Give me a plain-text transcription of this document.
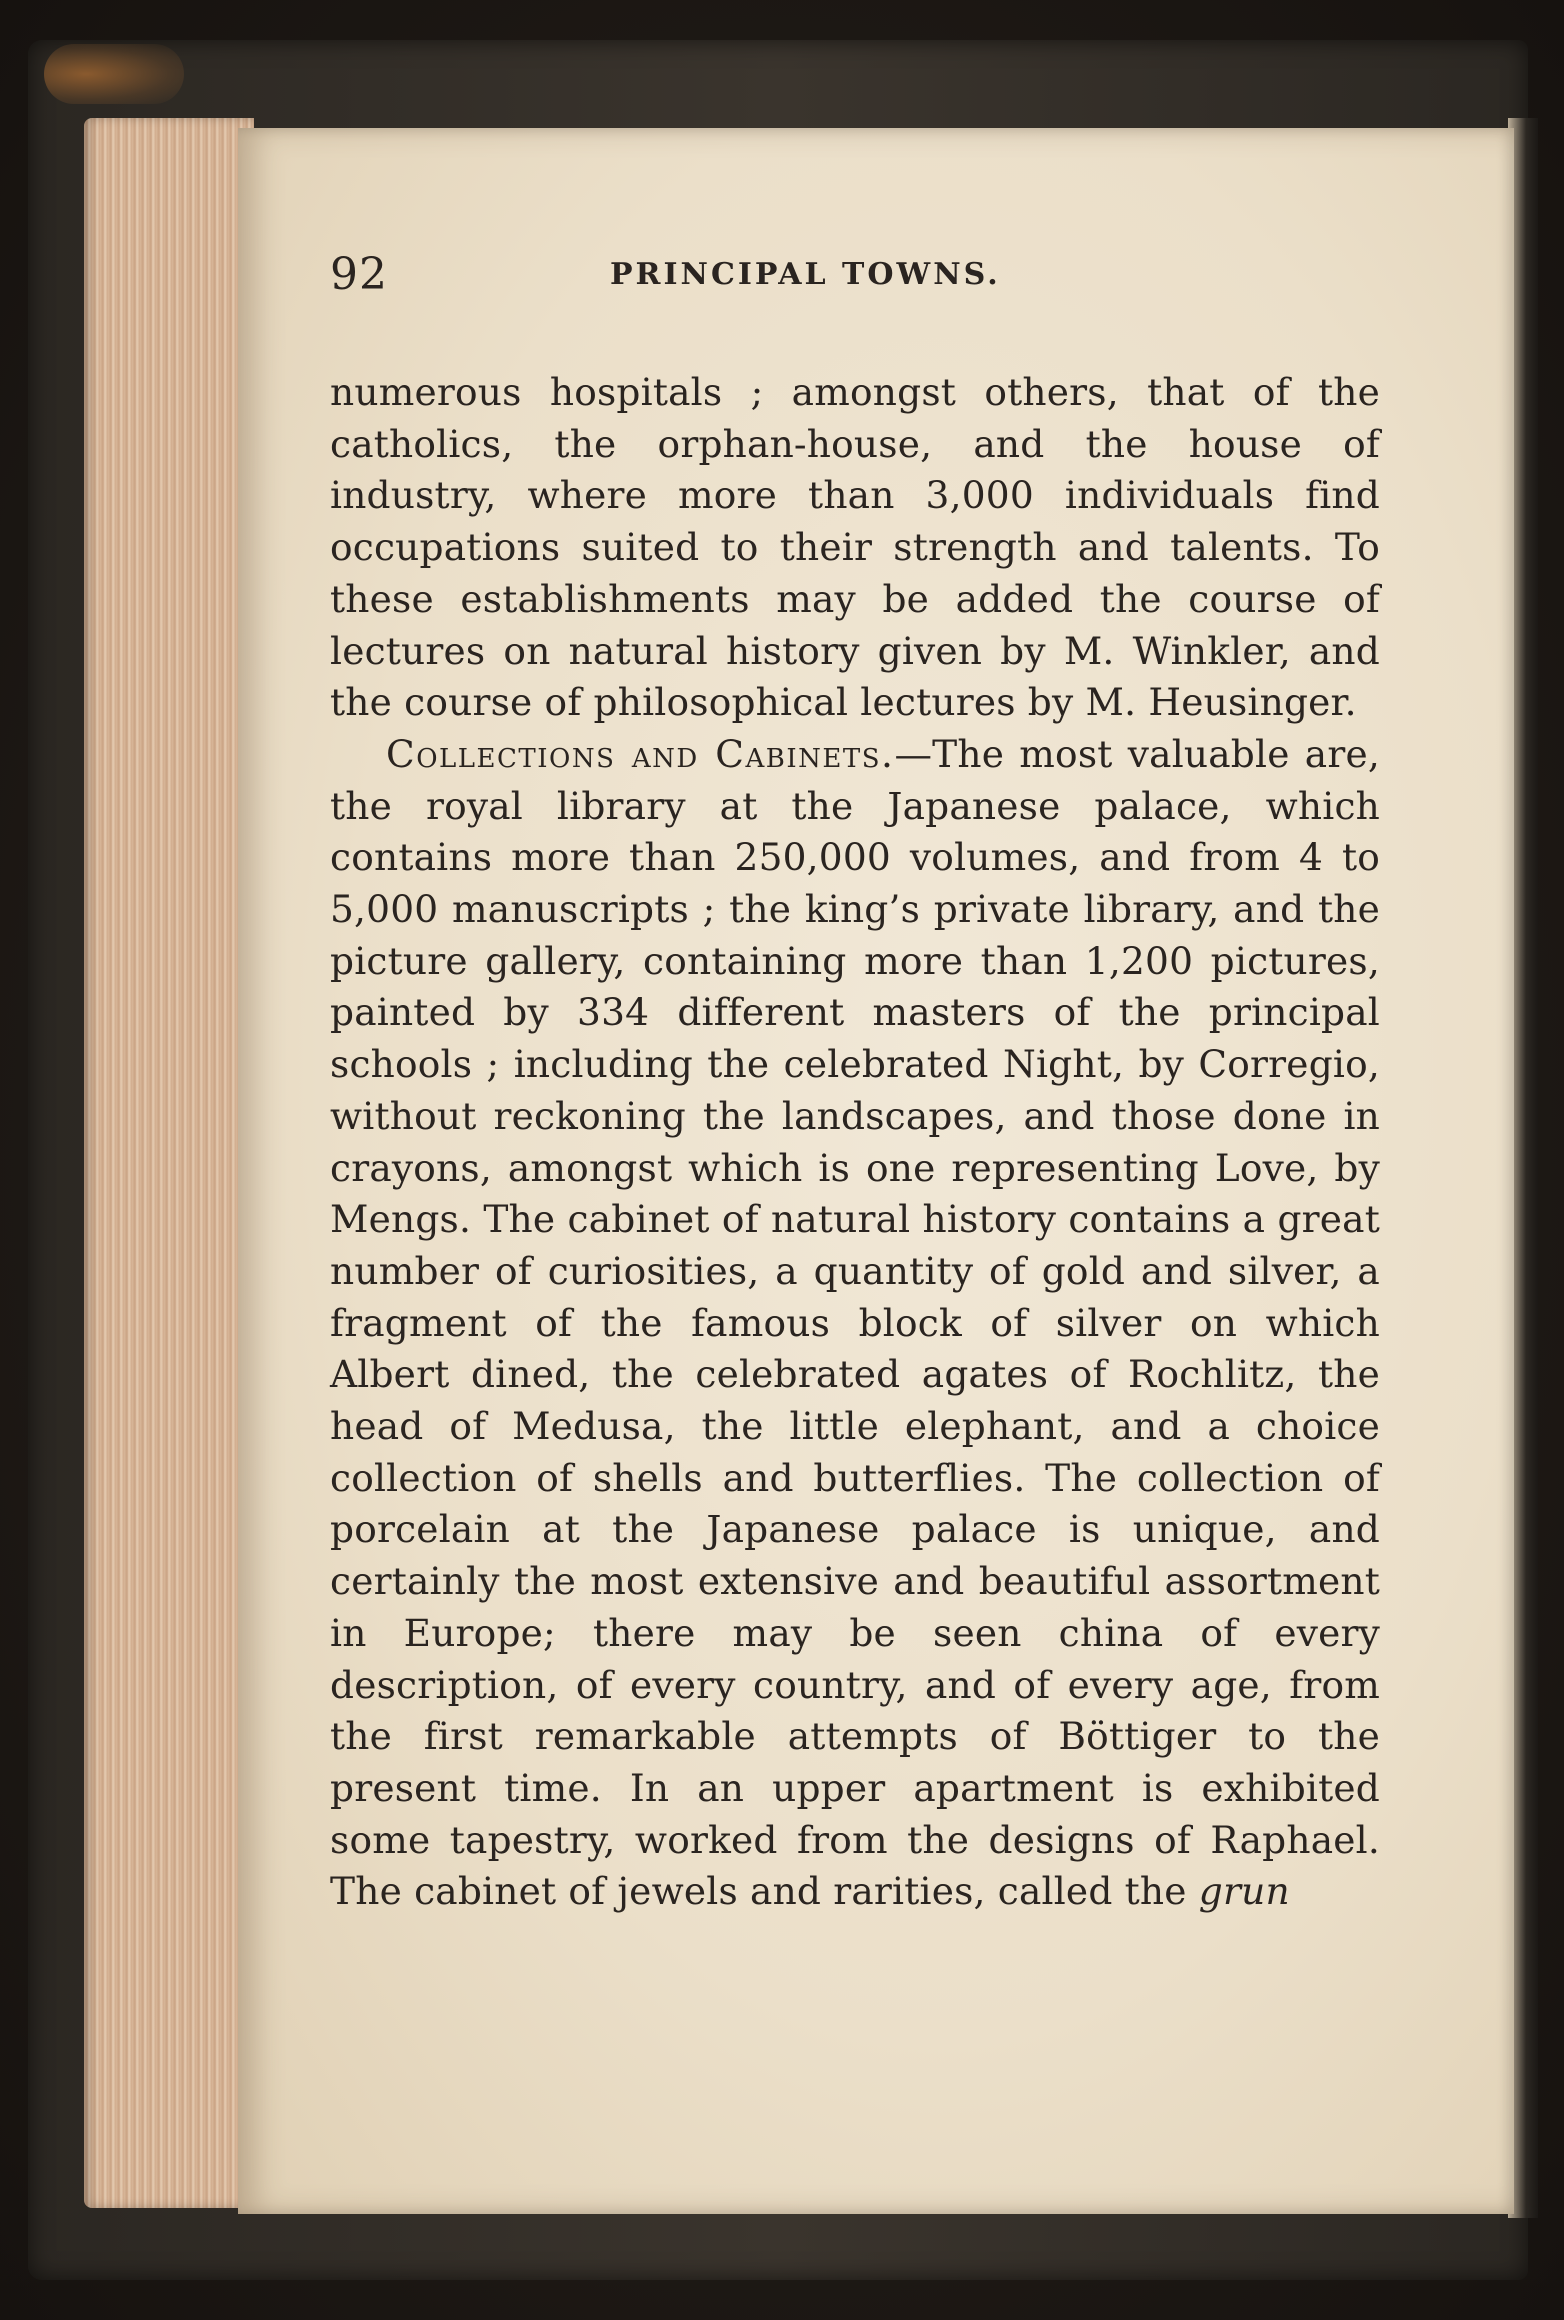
92	PRINCIPAL TOWNS.

numerous hospitals ; amongst others, that of the catholics, the orphan-house, and the house of industry, where more than 3,000 individuals find occupations suited to their strength and talents. To these establishments may be added the course of lectures on natural history given by M. Winkler, and the course of philosophical lectures by M. Heusinger.

Collections and Cabinets.—The most valuable are, the royal library at the Japanese palace, which contains more than 250,000 volumes, and from 4 to 5,000 manuscripts ; the king’s private library, and the picture gallery, containing more than 1,200 pictures, painted by 334 different masters of the principal schools ; including the celebrated Night, by Corregio, without reckoning the landscapes, and those done in crayons, amongst which is one representing Love, by Mengs. The cabinet of natural history contains a great number of curiosities, a quantity of gold and silver, a fragment of the famous block of silver on which Albert dined, the celebrated agates of Rochlitz, the head of Medusa, the little elephant, and a choice collection of shells and butterflies. The collection of porcelain at the Japanese palace is unique, and certainly the most extensive and beautiful assortment in Europe; there may be seen china of every description, of every country, and of every age, from the first remarkable attempts of Böttiger to the present time. In an upper apartment is exhibited some tapestry, worked from the designs of Raphael. The cabinet of jewels and rarities, called the grun
